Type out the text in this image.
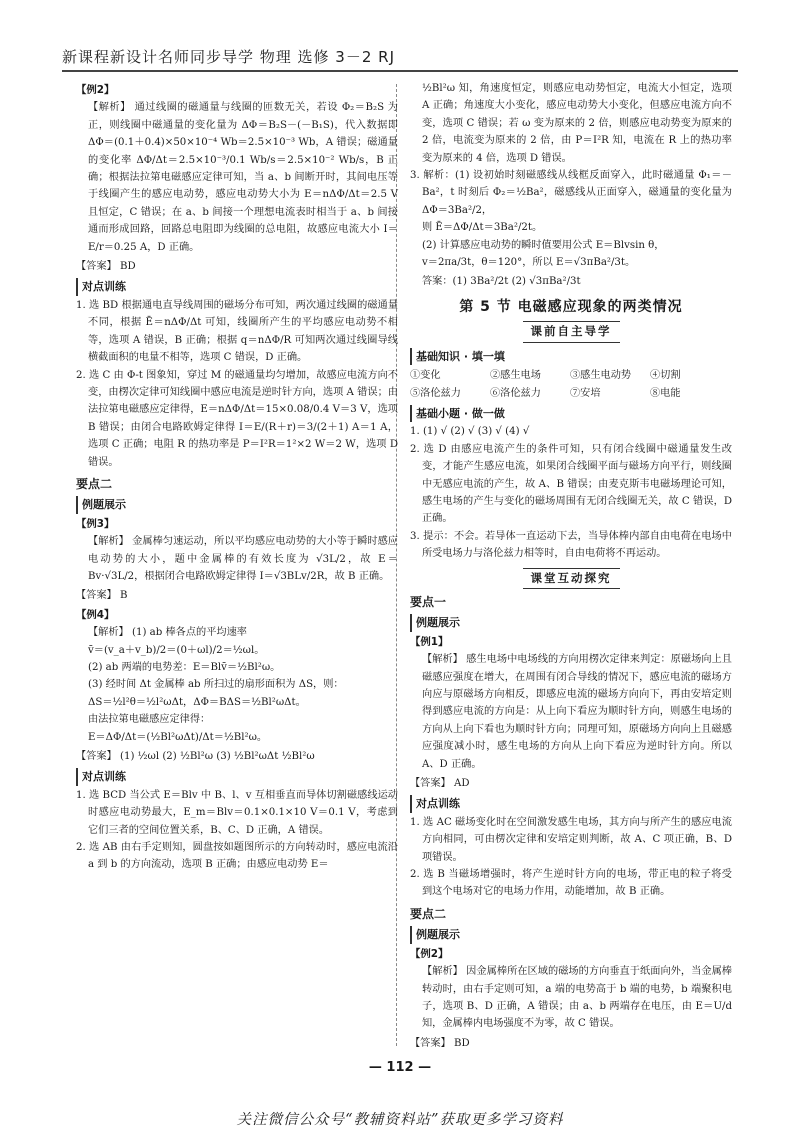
新课程新设计名师同步导学 物理 选修 3－2 RJ

【例2】

【解析】 通过线圈的磁通量与线圈的匝数无关，若设 Φ₂＝B₂S 为正，则线圈中磁通量的变化量为 ΔΦ＝B₂S－(－B₁S)，代入数据即 ΔΦ＝(0.1＋0.4)×50×10⁻⁴ Wb＝2.5×10⁻³ Wb，A 错误；磁通量的变化率 ΔΦ/Δt＝2.5×10⁻³/0.1 Wb/s＝2.5×10⁻² Wb/s，B 正确；根据法拉第电磁感应定律可知，当 a、b 间断开时，其间电压等于线圈产生的感应电动势，感应电动势大小为 E＝nΔΦ/Δt＝2.5 V 且恒定，C 错误；在 a、b 间接一个理想电流表时相当于 a、b 间接通而形成回路，回路总电阻即为线圈的总电阻，故感应电流大小 I＝E/r＝0.25 A，D 正确。

【答案】 BD

对点训练

1. 选 BD 根据通电直导线周围的磁场分布可知，两次通过线圈的磁通量不同，根据 Ē＝nΔΦ/Δt 可知，线圈所产生的平均感应电动势不相等，选项 A 错误，B 正确；根据 q＝nΔΦ/R 可知两次通过线圈导线横截面积的电量不相等，选项 C 错误，D 正确。

2. 选 C 由 Φ-t 图象知，穿过 M 的磁通量均匀增加，故感应电流方向不变，由楞次定律可知线圈中感应电流是逆时针方向，选项 A 错误；由法拉第电磁感应定律得，E＝nΔΦ/Δt＝15×0.08/0.4 V＝3 V，选项 B 错误；由闭合电路欧姆定律得 I＝E/(R＋r)＝3/(2＋1) A＝1 A，选项 C 正确；电阻 R 的热功率是 P＝I²R＝1²×2 W＝2 W，选项 D 错误。

要点二

例题展示

【例3】

【解析】 金属棒匀速运动，所以平均感应电动势的大小等于瞬时感应电动势的大小，题中金属棒的有效长度为 √3L/2，故 E＝Bv·√3L/2，根据闭合电路欧姆定律得 I＝√3BLv/2R，故 B 正确。

【答案】 B

【例4】

【解析】 (1) ab 棒各点的平均速率

v̄＝(v_a＋v_b)/2＝(0＋ωl)/2＝½ωl。

(2) ab 两端的电势差：E＝Blv̄＝½Bl²ω。

(3) 经时间 Δt 金属棒 ab 所扫过的扇形面积为 ΔS，则：

ΔS＝½l²θ＝½l²ωΔt，ΔΦ＝BΔS＝½Bl²ωΔt。

由法拉第电磁感应定律得：

E＝ΔΦ/Δt＝(½Bl²ωΔt)/Δt＝½Bl²ω。

【答案】 (1) ½ωl (2) ½Bl²ω (3) ½Bl²ωΔt ½Bl²ω

对点训练

1. 选 BCD 当公式 E＝Blv 中 B、l、v 互相垂直而导体切割磁感线运动时感应电动势最大，E_m＝Blv＝0.1×0.1×10 V＝0.1 V，考虑到它们三者的空间位置关系，B、C、D 正确，A 错误。

2. 选 AB 由右手定则知，圆盘按如题图所示的方向转动时，感应电流沿 a 到 b 的方向流动，选项 B 正确；由感应电动势 E＝

½Bl²ω 知，角速度恒定，则感应电动势恒定，电流大小恒定，选项 A 正确；角速度大小变化，感应电动势大小变化，但感应电流方向不变，选项 C 错误；若 ω 变为原来的 2 倍，则感应电动势变为原来的 2 倍，电流变为原来的 2 倍，由 P＝I²R 知，电流在 R 上的热功率变为原来的 4 倍，选项 D 错误。

3. 解析：(1) 设初始时刻磁感线从线框反面穿入，此时磁通量 Φ₁＝－Ba²，t 时刻后 Φ₂＝½Ba²，磁感线从正面穿入，磁通量的变化量为 ΔΦ＝3Ba²/2，

则 Ē＝ΔΦ/Δt＝3Ba²/2t。

(2) 计算感应电动势的瞬时值要用公式 E＝Blvsin θ，

v＝2πa/3t，θ＝120°，所以 E＝√3πBa²/3t。

答案：(1) 3Ba²/2t (2) √3πBa²/3t

第 5 节 电磁感应现象的两类情况

课前自主导学

基础知识 · 填一填

①变化	②感生电场	③感生电动势	④切割
⑤洛伦兹力	⑥洛伦兹力	⑦安培	⑧电能

基础小题 · 做一做

1. (1) √ (2) √ (3) √ (4) √

2. 选 D 由感应电流产生的条件可知，只有闭合线圈中磁通量发生改变，才能产生感应电流，如果闭合线圈平面与磁场方向平行，则线圈中无感应电流的产生，故 A、B 错误；由麦克斯韦电磁场理论可知，感生电场的产生与变化的磁场周围有无闭合线圈无关，故 C 错误，D 正确。

3. 提示：不会。若导体一直运动下去，当导体棒内部自由电荷在电场中所受电场力与洛伦兹力相等时，自由电荷将不再运动。

课堂互动探究

要点一

例题展示

【例1】

【解析】 感生电场中电场线的方向用楞次定律来判定：原磁场向上且磁感应强度在增大，在周围有闭合导线的情况下，感应电流的磁场方向应与原磁场方向相反，即感应电流的磁场方向向下，再由安培定则得到感应电流的方向是：从上向下看应为顺时针方向，则感生电场的方向从上向下看也为顺时针方向；同理可知，原磁场方向向上且磁感应强度减小时，感生电场的方向从上向下看应为逆时针方向。所以 A、D 正确。

【答案】 AD

对点训练

1. 选 AC 磁场变化时在空间激发感生电场，其方向与所产生的感应电流方向相同，可由楞次定律和安培定则判断，故 A、C 项正确，B、D 项错误。

2. 选 B 当磁场增强时，将产生逆时针方向的电场，带正电的粒子将受到这个电场对它的电场力作用，动能增加，故 B 正确。

要点二

例题展示

【例2】

【解析】 因金属棒所在区域的磁场的方向垂直于纸面向外，当金属棒转动时，由右手定则可知，a 端的电势高于 b 端的电势，b 端聚积电子，选项 B、D 正确，A 错误；由 a、b 两端存在电压，由 E＝U/d 知，金属棒内电场强度不为零，故 C 错误。

【答案】 BD

— 112 —
关注微信公众号“教辅资料站”获取更多学习资料
